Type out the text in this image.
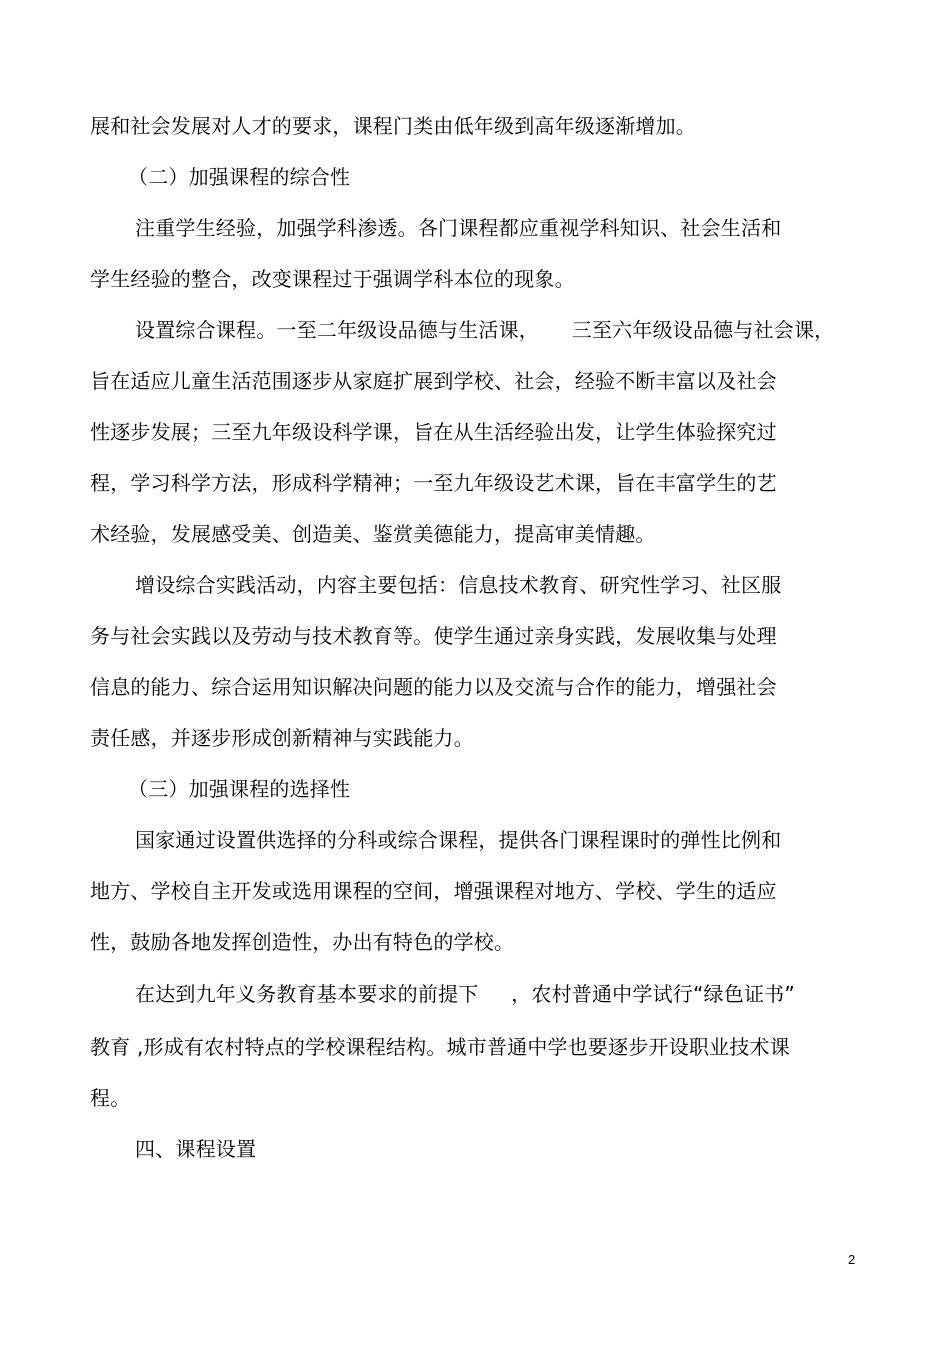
展和社会发展对人才的要求，课程门类由低年级到高年级逐渐增加。
（二）加强课程的综合性
注重学生经验，加强学科渗透。各门课程都应重视学科知识、社会生活和
学生经验的整合，改变课程过于强调学科本位的现象。
设置综合课程。一至二年级设品德与生活课，     三至六年级设品德与社会课，
旨在适应儿童生活范围逐步从家庭扩展到学校、社会，经验不断丰富以及社会
性逐步发展；三至九年级设科学课，旨在从生活经验出发，让学生体验探究过
程，学习科学方法，形成科学精神；一至九年级设艺术课，旨在丰富学生的艺
术经验，发展感受美、创造美、鉴赏美德能力，提高审美情趣。
增设综合实践活动，内容主要包括：信息技术教育、研究性学习、社区服
务与社会实践以及劳动与技术教育等。使学生通过亲身实践，发展收集与处理
信息的能力、综合运用知识解决问题的能力以及交流与合作的能力，增强社会
责任感，并逐步形成创新精神与实践能力。
（三）加强课程的选择性
国家通过设置供选择的分科或综合课程，提供各门课程课时的弹性比例和
地方、学校自主开发或选用课程的空间，增强课程对地方、学校、学生的适应
性，鼓励各地发挥创造性，办出有特色的学校。
在达到九年义务教育基本要求的前提下     ，农村普通中学试行“绿色证书”
教育 ,形成有农村特点的学校课程结构。城市普通中学也要逐步开设职业技术课
程。
四、课程设置
2
